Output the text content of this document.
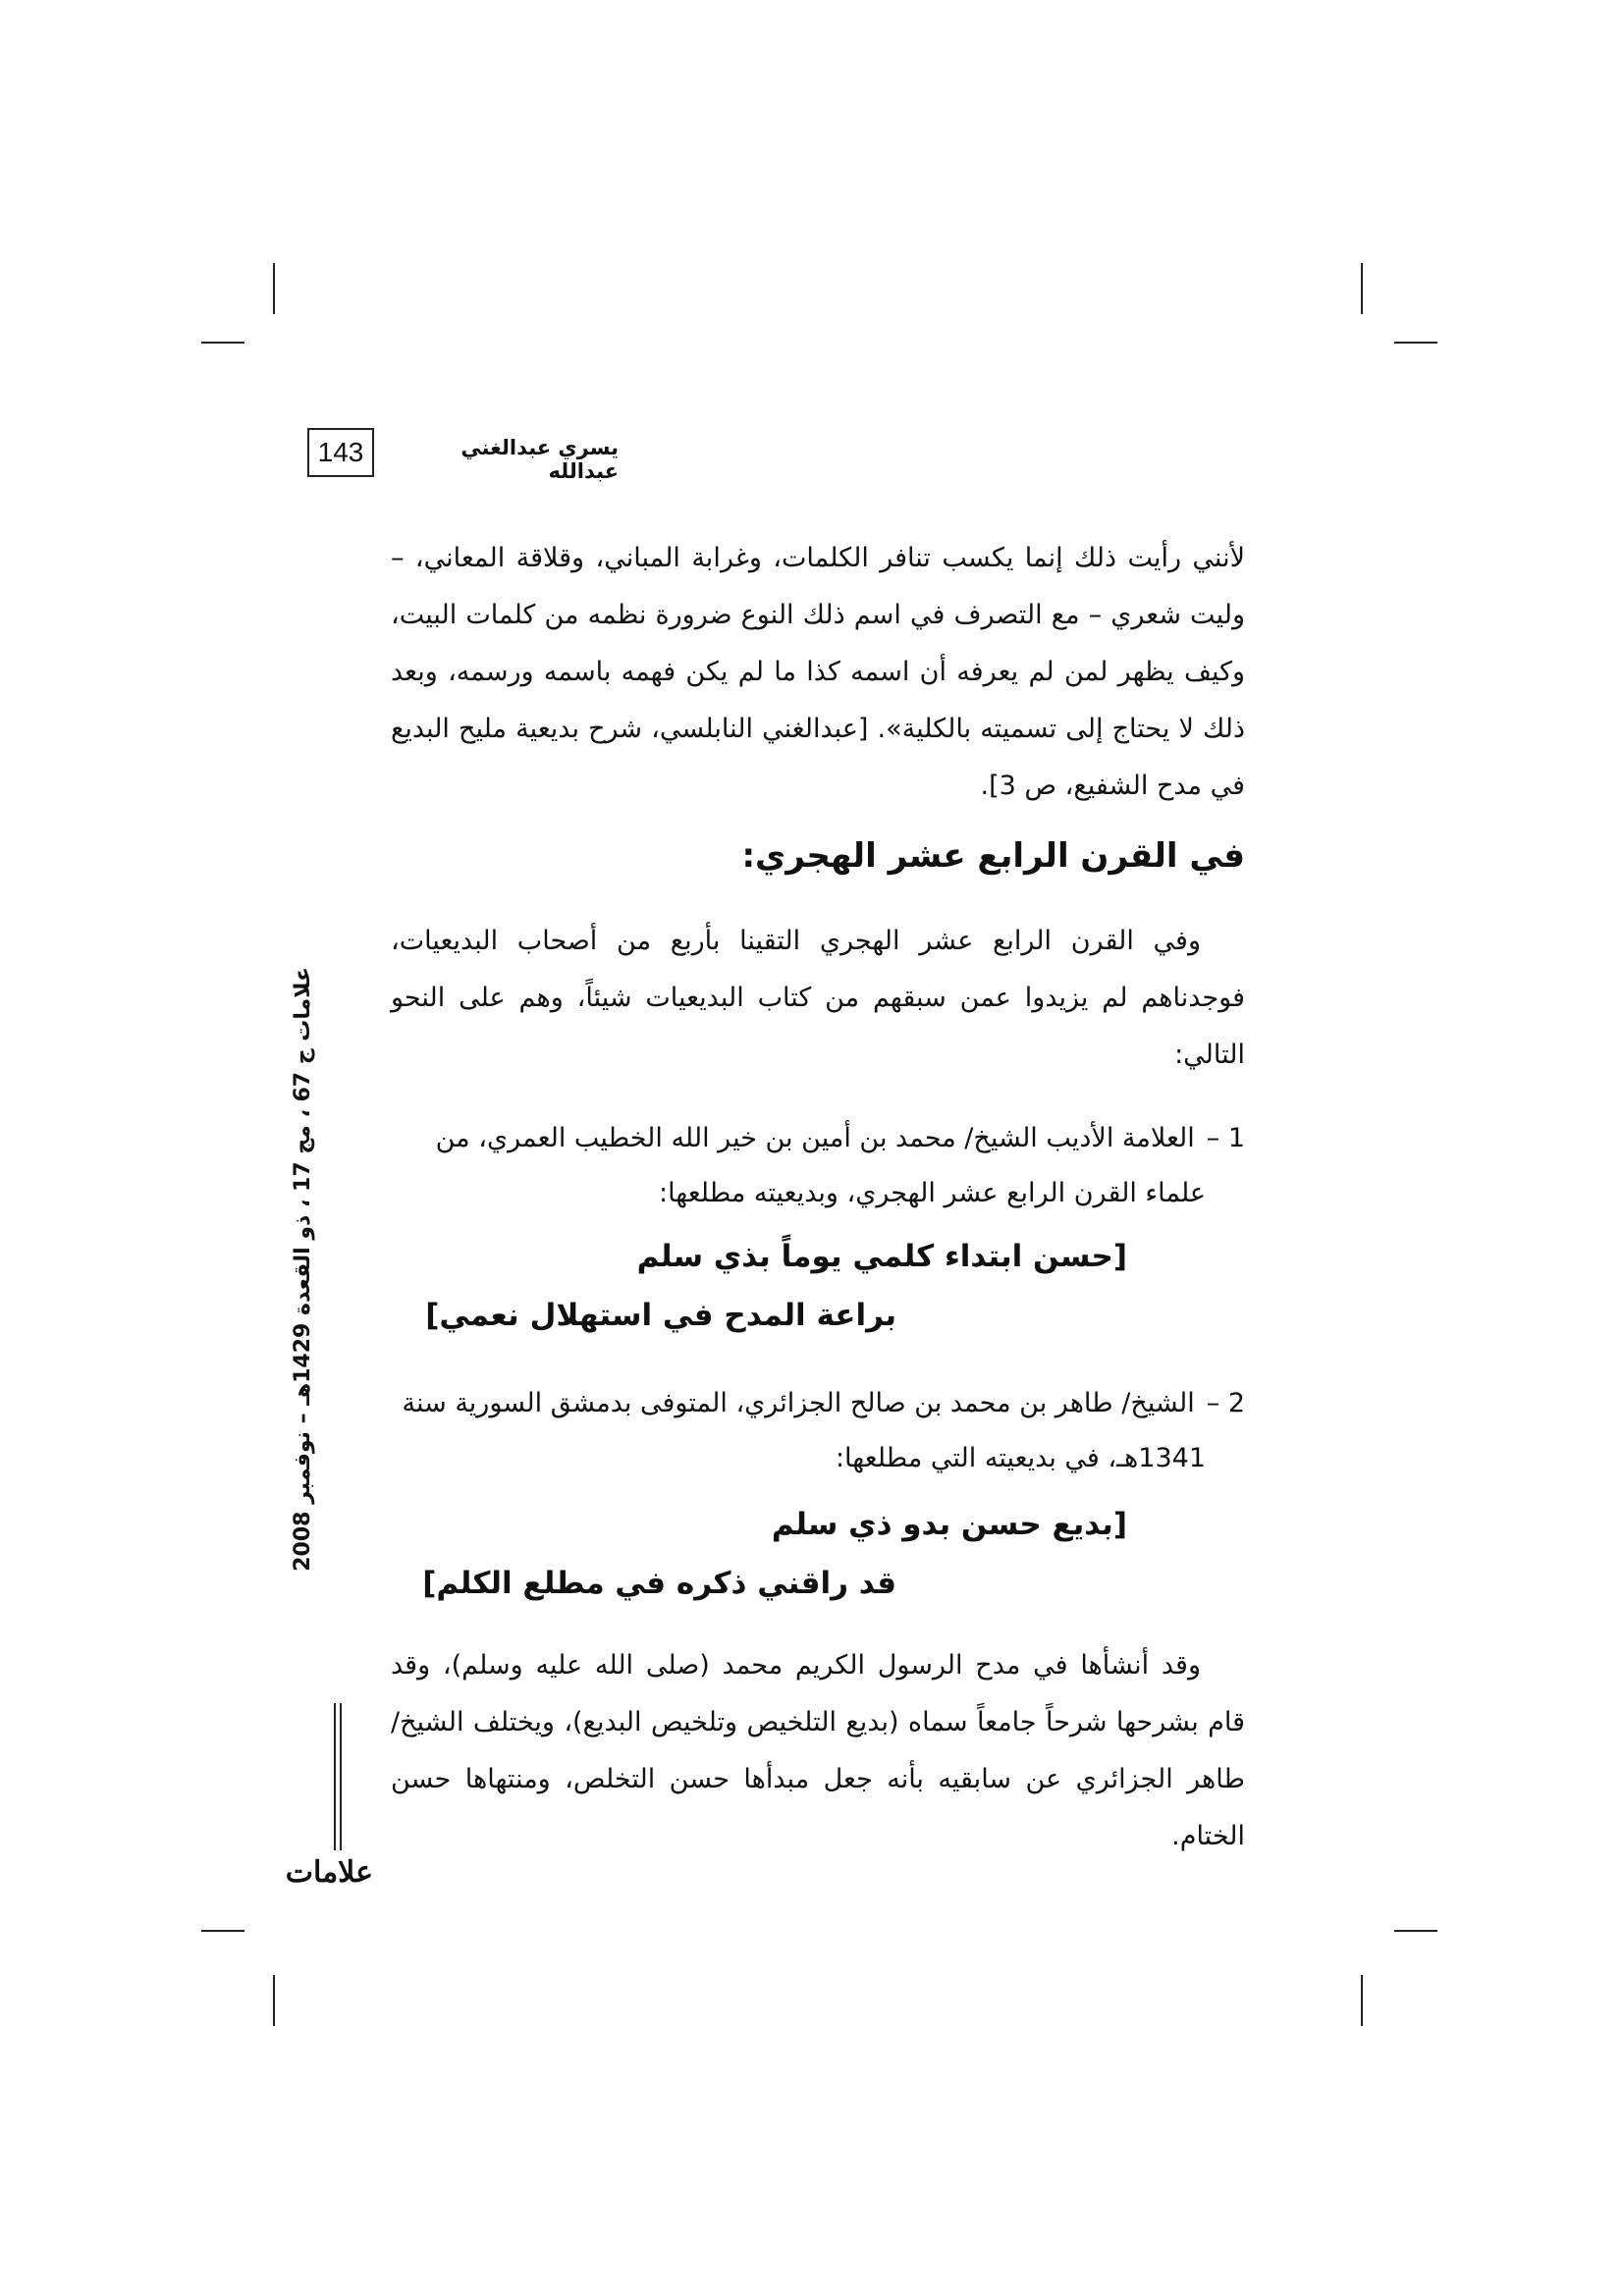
143	يسري عبدالغني عبدالله
لأنني رأيت ذلك إنما يكسب تنافر الكلمات، وغرابة المباني، وقلاقة المعاني، – وليت شعري – مع التصرف في اسم ذلك النوع ضرورة نظمه من كلمات البيت، وكيف يظهر لمن لم يعرفه أن اسمه كذا ما لم يكن فهمه باسمه ورسمه، وبعد ذلك لا يحتاج إلى تسميته بالكلية». [عبدالغني النابلسي، شرح بديعية مليح البديع في مدح الشفيع، ص 3].
في القرن الرابع عشر الهجري:
وفي القرن الرابع عشر الهجري التقينا بأربع من أصحاب البديعيات، فوجدناهم لم يزيدوا عمن سبقهم من كتاب البديعيات شيئاً، وهم على النحو التالي:
1 –العلامة الأديب الشيخ/ محمد بن أمين بن خير الله الخطيب العمري، من
علماء القرن الرابع عشر الهجري، وبديعيته مطلعها:
[حسن ابتداء كلمي يوماً بذي سلم
براعة المدح في استهلال نعمي]
2 –الشيخ/ طاهر بن محمد بن صالح الجزائري، المتوفى بدمشق السورية سنة
1341هـ، في بديعيته التي مطلعها:
[بديع حسن بدو ذي سلم
قد راقني ذكره في مطلع الكلم]
وقد أنشأها في مدح الرسول الكريم محمد (صلى الله عليه وسلم)، وقد قام بشرحها شرحاً جامعاً سماه (بديع التلخيص وتلخيص البديع)، ويختلف الشيخ/ طاهر الجزائري عن سابقيه بأنه جعل مبدأها حسن التخلص، ومنتهاها حسن الختام.
علامات ج 67 ، مج 17 ، ذو القعدة 1429هـ – نوفمبر 2008
علامات
